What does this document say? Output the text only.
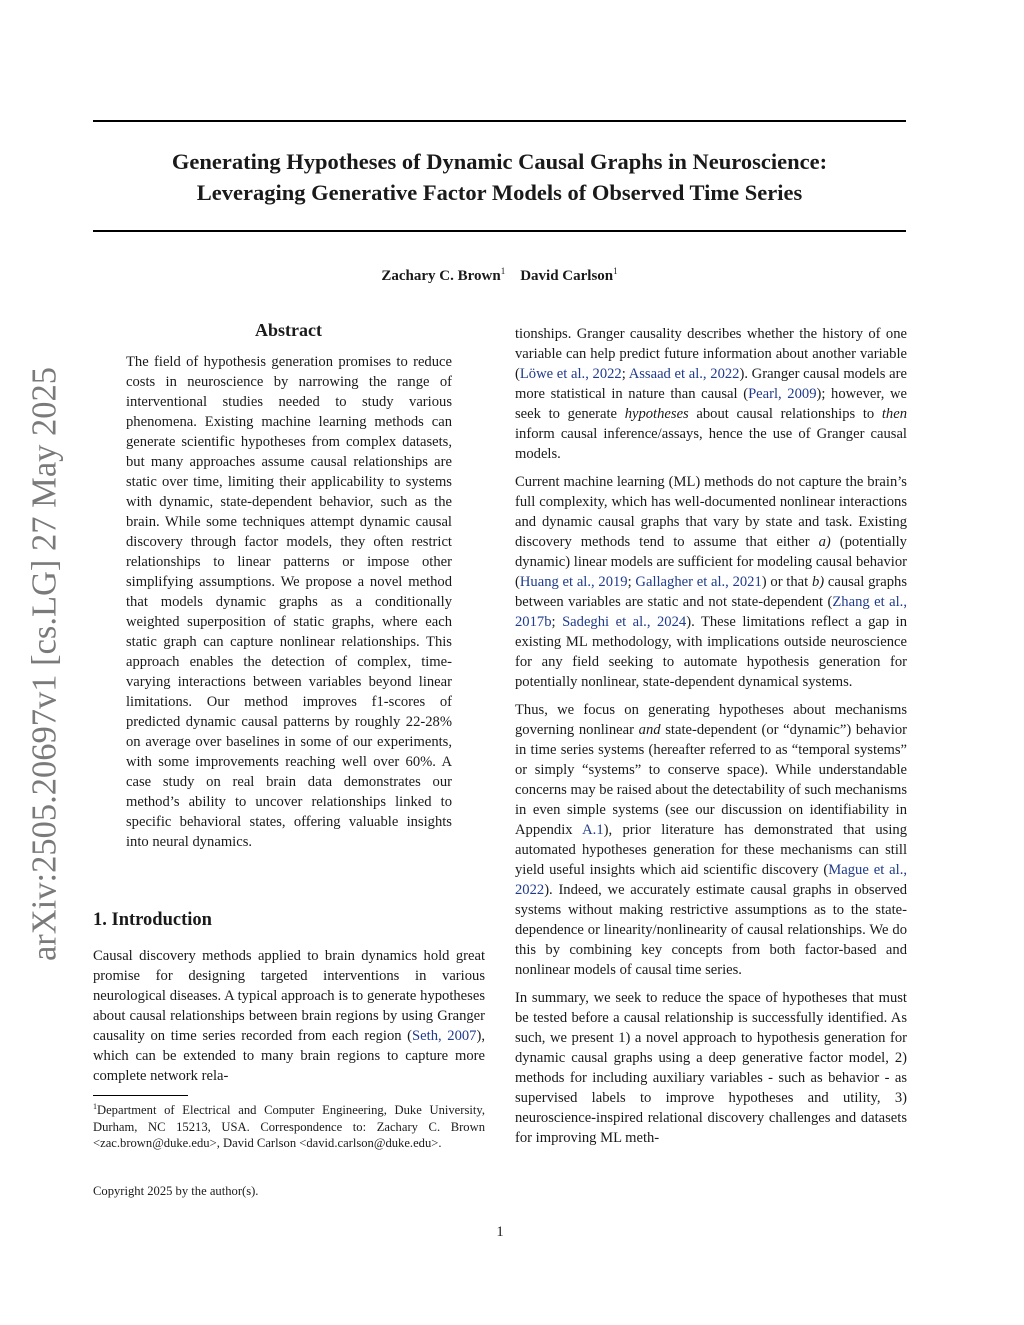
arXiv:2505.20697v1 [cs.LG] 27 May 2025
Generating Hypotheses of Dynamic Causal Graphs in Neuroscience:
Leveraging Generative Factor Models of Observed Time Series
Zachary C. Brown$^1$ David Carlson$^1$
Abstract
The field of hypothesis generation promises to reduce costs in neuroscience by narrowing the range of interventional studies needed to study various phenomena. Existing machine learning methods can generate scientific hypotheses from complex datasets, but many approaches assume causal relationships are static over time, limiting their applicability to systems with dynamic, state-dependent behavior, such as the brain. While some techniques attempt dynamic causal discovery through factor models, they often restrict relationships to linear patterns or impose other simplifying assumptions. We propose a novel method that models dynamic graphs as a conditionally weighted superposition of static graphs, where each static graph can capture nonlinear relationships. This approach enables the detection of complex, time-varying interactions between variables beyond linear limitations. Our method improves f1-scores of predicted dynamic causal patterns by roughly 22-28% on average over baselines in some of our experiments, with some improvements reaching well over 60%. A case study on real brain data demonstrates our method’s ability to uncover relationships linked to specific behavioral states, offering valuable insights into neural dynamics.
1. Introduction
Causal discovery methods applied to brain dynamics hold great promise for designing targeted interventions in various neurological diseases. A typical approach is to generate hypotheses about causal relationships between brain regions by using Granger causality on time series recorded from each region (Seth, 2007), which can be extended to many brain regions to capture more complete network rela-
$^1$Department of Electrical and Computer Engineering, Duke University, Durham, NC 15213, USA. Correspondence to: Zachary C. Brown <zac.brown@duke.edu>, David Carlson <david.carlson@duke.edu>.
Copyright 2025 by the author(s).

tionships. Granger causality describes whether the history of one variable can help predict future information about another variable (Löwe et al., 2022; Assaad et al., 2022). Granger causal models are more statistical in nature than causal (Pearl, 2009); however, we seek to generate hypotheses about causal relationships to then inform causal inference/assays, hence the use of Granger causal models.

Current machine learning (ML) methods do not capture the brain’s full complexity, which has well-documented nonlinear interactions and dynamic causal graphs that vary by state and task. Existing discovery methods tend to assume that either a) (potentially dynamic) linear models are sufficient for modeling causal behavior (Huang et al., 2019; Gallagher et al., 2021) or that b) causal graphs between variables are static and not state-dependent (Zhang et al., 2017b; Sadeghi et al., 2024). These limitations reflect a gap in existing ML methodology, with implications outside neuroscience for any field seeking to automate hypothesis generation for potentially nonlinear, state-dependent dynamical systems.

Thus, we focus on generating hypotheses about mechanisms governing nonlinear and state-dependent (or “dynamic”) behavior in time series systems (hereafter referred to as “temporal systems” or simply “systems” to conserve space). While understandable concerns may be raised about the detectability of such mechanisms in even simple systems (see our discussion on identifiability in Appendix A.1), prior literature has demonstrated that using automated hypotheses generation for these mechanisms can still yield useful insights which aid scientific discovery (Mague et al., 2022). Indeed, we accurately estimate causal graphs in observed systems without making restrictive assumptions as to the state-dependence or linearity/nonlinearity of causal relationships. We do this by combining key concepts from both factor-based and nonlinear models of causal time series.

In summary, we seek to reduce the space of hypotheses that must be tested before a causal relationship is successfully identified. As such, we present 1) a novel approach to hypothesis generation for dynamic causal graphs using a deep generative factor model, 2) methods for including auxiliary variables - such as behavior - as supervised labels to improve hypotheses and utility, 3) neuroscience-inspired relational discovery challenges and datasets for improving ML meth-

1
